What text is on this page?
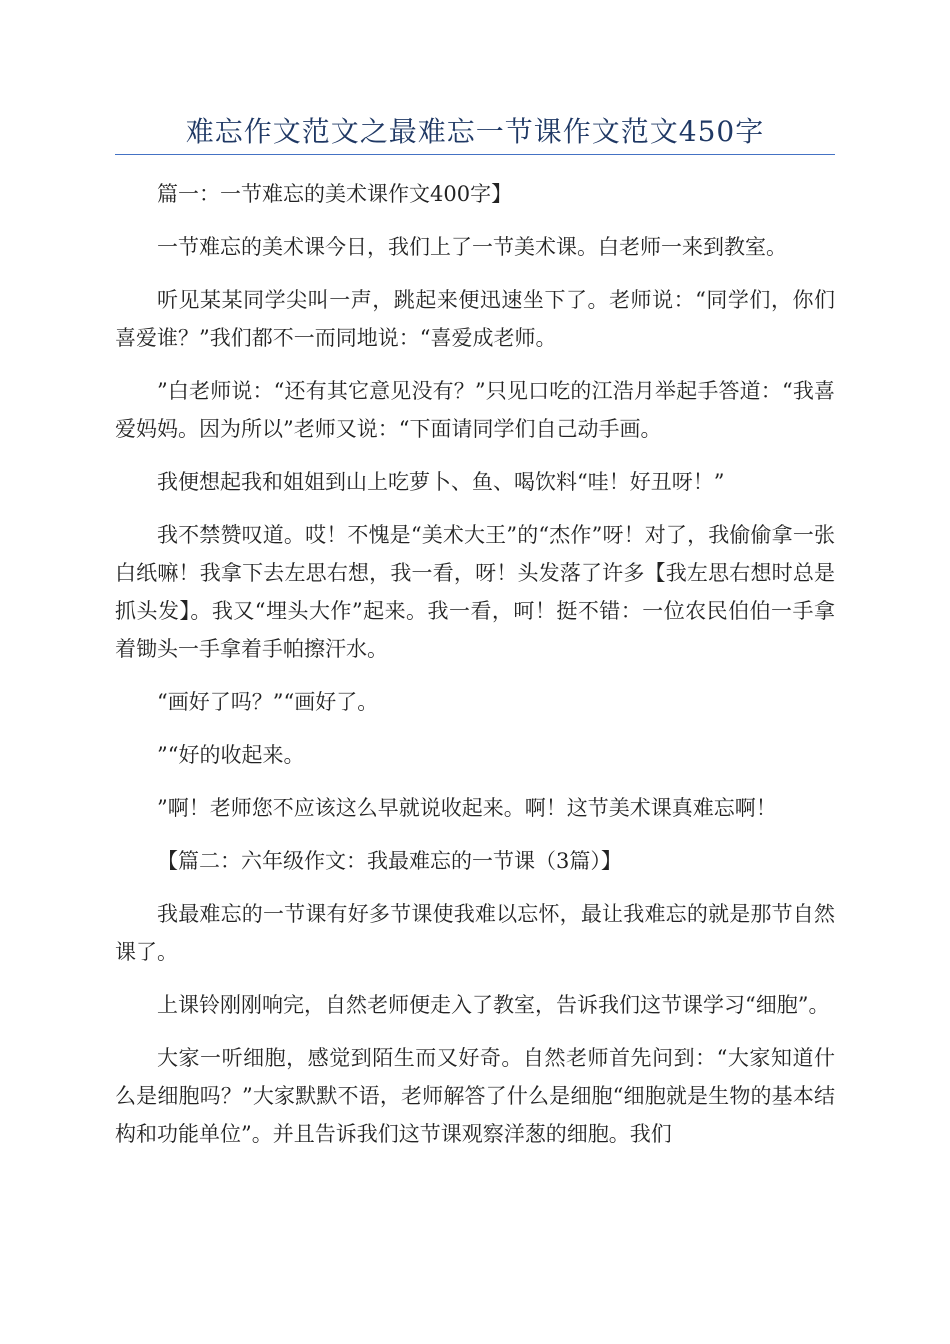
难忘作文范文之最难忘一节课作文范文450字

篇一：一节难忘的美术课作文400字】

一节难忘的美术课今日，我们上了一节美术课。白老师一来到教室。

听见某某同学尖叫一声，跳起来便迅速坐下了。老师说：“同学们，你们喜爱谁？”我们都不一而同地说：“喜爱成老师。

”白老师说：“还有其它意见没有？”只见口吃的江浩月举起手答道：“我喜爱妈妈。因为所以”老师又说：“下面请同学们自己动手画。

我便想起我和姐姐到山上吃萝卜、鱼、喝饮料“哇！好丑呀！”

我不禁赞叹道。哎！不愧是“美术大王”的“杰作”呀！对了，我偷偷拿一张白纸嘛！我拿下去左思右想，我一看，呀！头发落了许多【我左思右想时总是抓头发】。我又“埋头大作”起来。我一看，呵！挺不错：一位农民伯伯一手拿着锄头一手拿着手帕擦汗水。

“画好了吗？”“画好了。

”“好的收起来。

”啊！老师您不应该这么早就说收起来。啊！这节美术课真难忘啊！

【篇二：六年级作文：我最难忘的一节课（3篇）】

我最难忘的一节课有好多节课使我难以忘怀，最让我难忘的就是那节自然课了。

上课铃刚刚响完，自然老师便走入了教室，告诉我们这节课学习“细胞”。

大家一听细胞，感觉到陌生而又好奇。自然老师首先问到：“大家知道什么是细胞吗？”大家默默不语，老师解答了什么是细胞“细胞就是生物的基本结构和功能单位”。并且告诉我们这节课观察洋葱的细胞。我们
